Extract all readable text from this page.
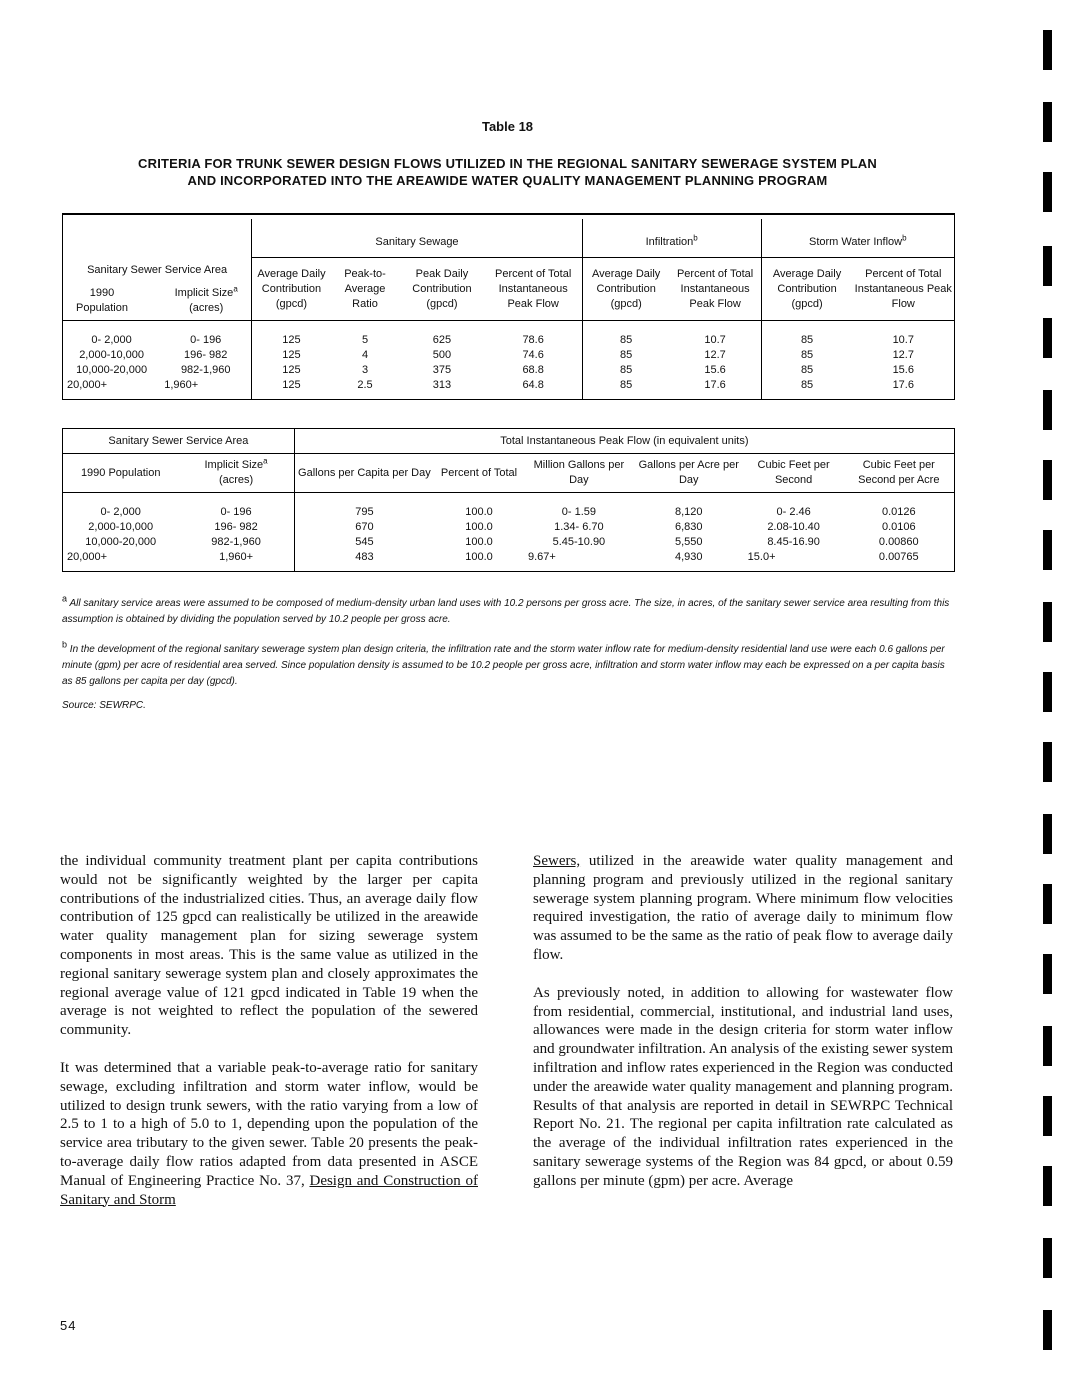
Table 18
CRITERIA FOR TRUNK SEWER DESIGN FLOWS UTILIZED IN THE REGIONAL SANITARY SEWERAGE SYSTEM PLAN
AND INCORPORATED INTO THE AREAWIDE WATER QUALITY MANAGEMENT PLANNING PROGRAM

Sanitary Sewer Service Area
1990 Population
Implicit Size$^a$
(acres)		Sanitary Sewage				Infiltration$^b$		Storm Water Inflow$^b$
		Average Daily Contribution (gpcd)	Peak-to- Average Ratio	Peak Daily Contribution (gpcd)	Percent of Total Instantaneous Peak Flow	Average Daily Contribution (gpcd)	Percent of Total Instantaneous Peak Flow	Average Daily Contribution (gpcd)	Percent of Total Instantaneous Peak Flow
0- 2,000	0- 196	125	5	625	78.6	85	10.7	85	10.7
2,000-10,000	196- 982	125	4	500	74.6	85	12.7	85	12.7
10,000-20,000	982-1,960	125	3	375	68.8	85	15.6	85	15.6
20,000+	1,960+	125	2.5	313	64.8	85	17.6	85	17.6
Sanitary Sewer Service Area		Total Instantaneous Peak Flow (in equivalent units)					
1990 Population	Implicit Size$^a$
(acres)	Gallons per Capita per Day	Percent of Total	Million Gallons per Day	Gallons per Acre per Day	Cubic Feet per Second	Cubic Feet per Second per Acre
0- 2,000	0- 196	795	100.0	0- 1.59	8,120	0- 2.46	0.0126
2,000-10,000	196- 982	670	100.0	1.34- 6.70	6,830	2.08-10.40	0.0106
10,000-20,000	982-1,960	545	100.0	5.45-10.90	5,550	8.45-16.90	0.00860
20,000+	1,960+	483	100.0	9.67+	4,930	15.0+	0.00765
$^a$ All sanitary service areas were assumed to be composed of medium-density urban land uses with 10.2 persons per gross acre. The size, in acres, of the sanitary sewer service area resulting from this assumption is obtained by dividing the population served by 10.2 people per gross acre.
$^b$ In the development of the regional sanitary sewerage system plan design criteria, the infiltration rate and the storm water inflow rate for medium-density residential land use were each 0.6 gallons per minute (gpm) per acre of residential area served. Since population density is assumed to be 10.2 people per gross acre, infiltration and storm water inflow may each be expressed on a per capita basis as 85 gallons per capita per day (gpcd).
Source: SEWRPC.

the individual community treatment plant per capita contributions would not be significantly weighted by the larger per capita contributions of the industrialized cities. Thus, an average daily flow contribution of 125 gpcd can realistically be utilized in the areawide water quality management plan for sizing sewerage system components in most areas. This is the same value as utilized in the regional sanitary sewerage system plan and closely approximates the regional average value of 121 gpcd indicated in Table 19 when the average is not weighted to reflect the population of the sewered community.

It was determined that a variable peak-to-average ratio for sanitary sewage, excluding infiltration and storm water inflow, would be utilized to design trunk sewers, with the ratio varying from a low of 2.5 to 1 to a high of 5.0 to 1, depending upon the population of the service area tributary to the given sewer. Table 20 presents the peak-to-average daily flow ratios adapted from data presented in ASCE Manual of Engineering Practice No. 37, Design and Construction of Sanitary and Storm

Sewers, utilized in the areawide water quality management and planning program and previously utilized in the regional sanitary sewerage system planning program. Where minimum flow velocities required investigation, the ratio of average daily to minimum flow was assumed to be the same as the ratio of peak flow to average daily flow.

As previously noted, in addition to allowing for wastewater flow from residential, commercial, institutional, and industrial land uses, allowances were made in the design criteria for storm water inflow and groundwater infiltration. An analysis of the existing sewer system infiltration and inflow rates experienced in the Region was conducted under the areawide water quality management and planning program. Results of that analysis are reported in detail in SEWRPC Technical Report No. 21. The regional per capita infiltration rate calculated as the average of the individual infiltration rates experienced in the sanitary sewerage systems of the Region was 84 gpcd, or about 0.59 gallons per minute (gpm) per acre. Average

54
